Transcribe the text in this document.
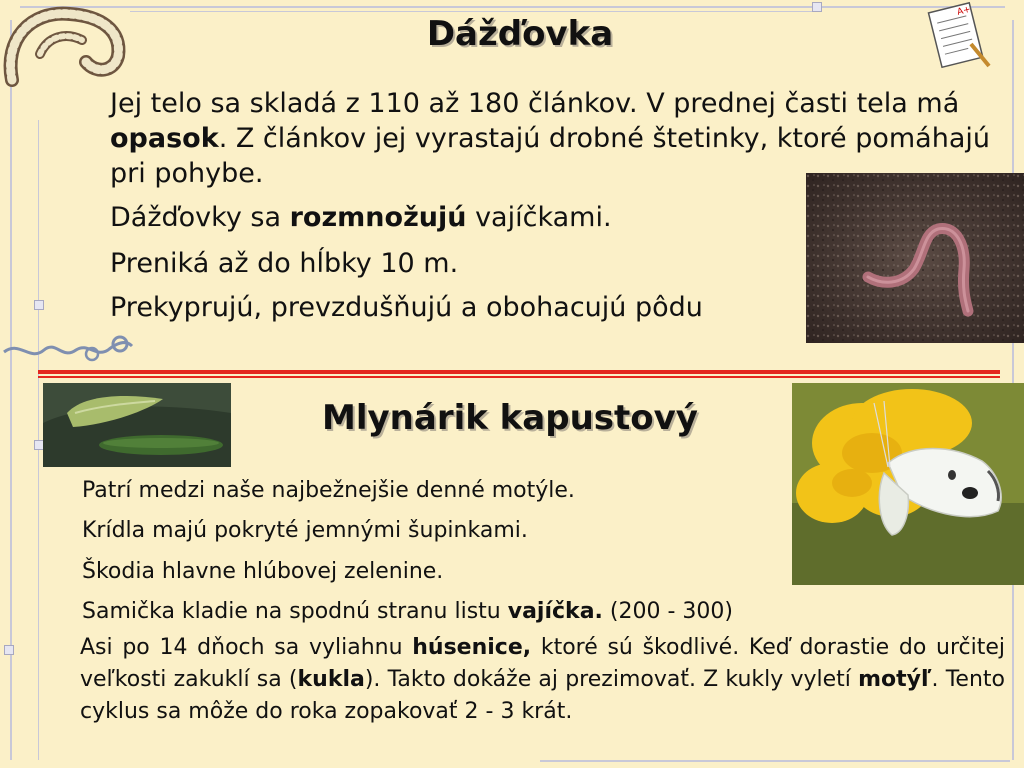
A+
Dážďovka

Jej telo sa skladá z 110 až 180 článkov. V prednej časti tela má opasok. Z článkov jej vyrastajú drobné štetinky, ktoré pomáhajú pri pohybe.

Dážďovky sa rozmnožujú vajíčkami.

Preniká až do hĺbky 10 m.

Prekyprujú, prevzdušňujú a obohacujú pôdu

Mlynárik kapustový

Patrí medzi naše najbežnejšie denné motýle.

Krídla majú pokryté jemnými šupinkami.

Škodia hlavne hlúbovej zelenine.

Samička kladie na spodnú stranu listu vajíčka. (200 - 300)

Asi po 14 dňoch sa vyliahnu húsenice, ktoré sú škodlivé. Keď dorastie do určitej veľkosti zakuklí sa (kukla). Takto dokáže aj prezimovať. Z kukly vyletí motýľ. Tento cyklus sa môže do roka zopakovať 2 - 3 krát.
